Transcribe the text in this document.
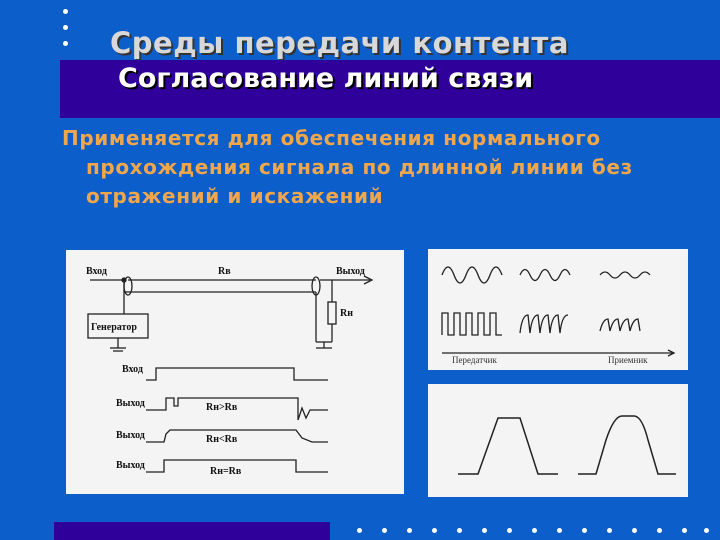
Среды передачи контента
Согласование линий связи

Применяется для обеспечения нормального прохождения сигнала по длинной линии без отражений и искажений

Вход	Выход
Rв
Rн
Генератор
Вход
Выход
Выход
Выход
Rн>Rв
Rн<Rв
Rн=Rв
Передатчик	Приемник
